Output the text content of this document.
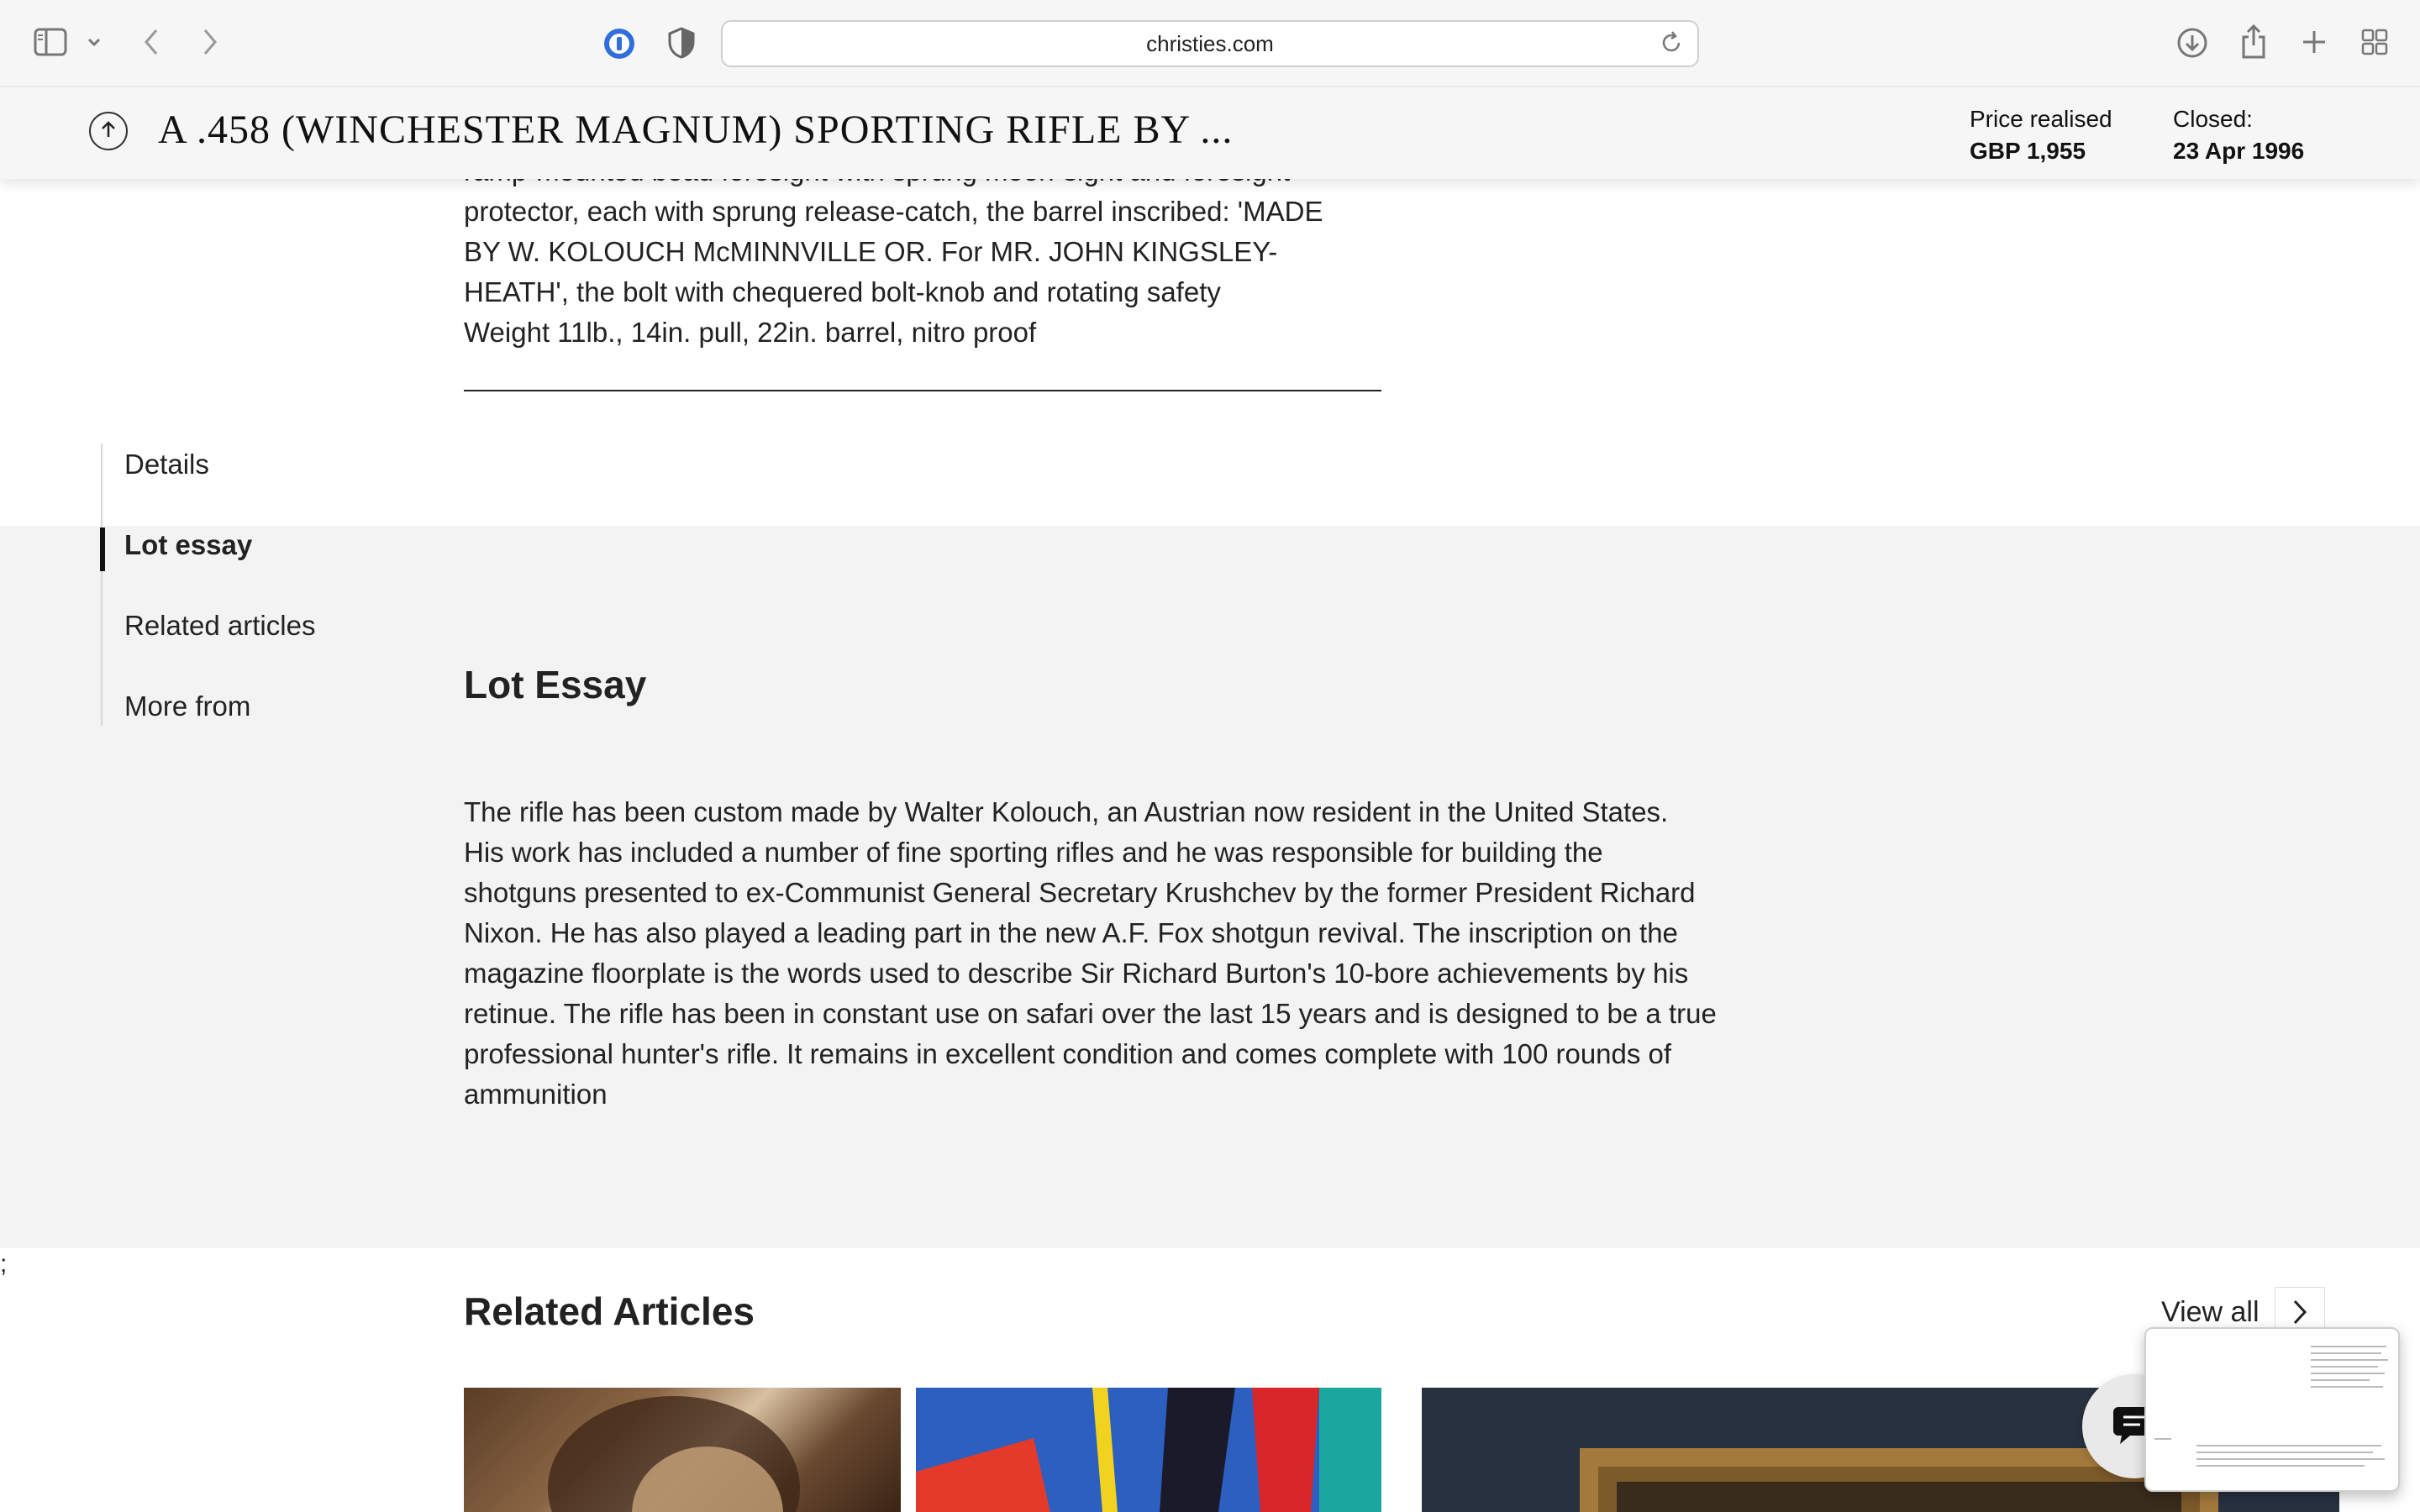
christies.com
A .458 (WINCHESTER MAGNUM) SPORTING RIFLE BY ...	Price realised
GBP 1,955
Closed:
23 Apr 1996
protector, each with sprung release-catch, the barrel inscribed: 'MADE
BY W. KOLOUCH McMINNVILLE OR. For MR. JOHN KINGSLEY-
HEATH', the bolt with chequered bolt-knob and rotating safety
Weight 11lb., 14in. pull, 22in. barrel, nitro proof
Details
Lot essay
Related articles
More from	Lot Essay
The rifle has been custom made by Walter Kolouch, an Austrian now resident in the United States.
His work has included a number of fine sporting rifles and he was responsible for building the
shotguns presented to ex-Communist General Secretary Krushchev by the former President Richard
Nixon. He has also played a leading part in the new A.F. Fox shotgun revival. The inscription on the
magazine floorplate is the words used to describe Sir Richard Burton's 10-bore achievements by his
retinue. The rifle has been in constant use on safari over the last 15 years and is designed to be a true
professional hunter's rifle. It remains in excellent condition and comes complete with 100 rounds of
ammunition
;
Related Articles	View all
